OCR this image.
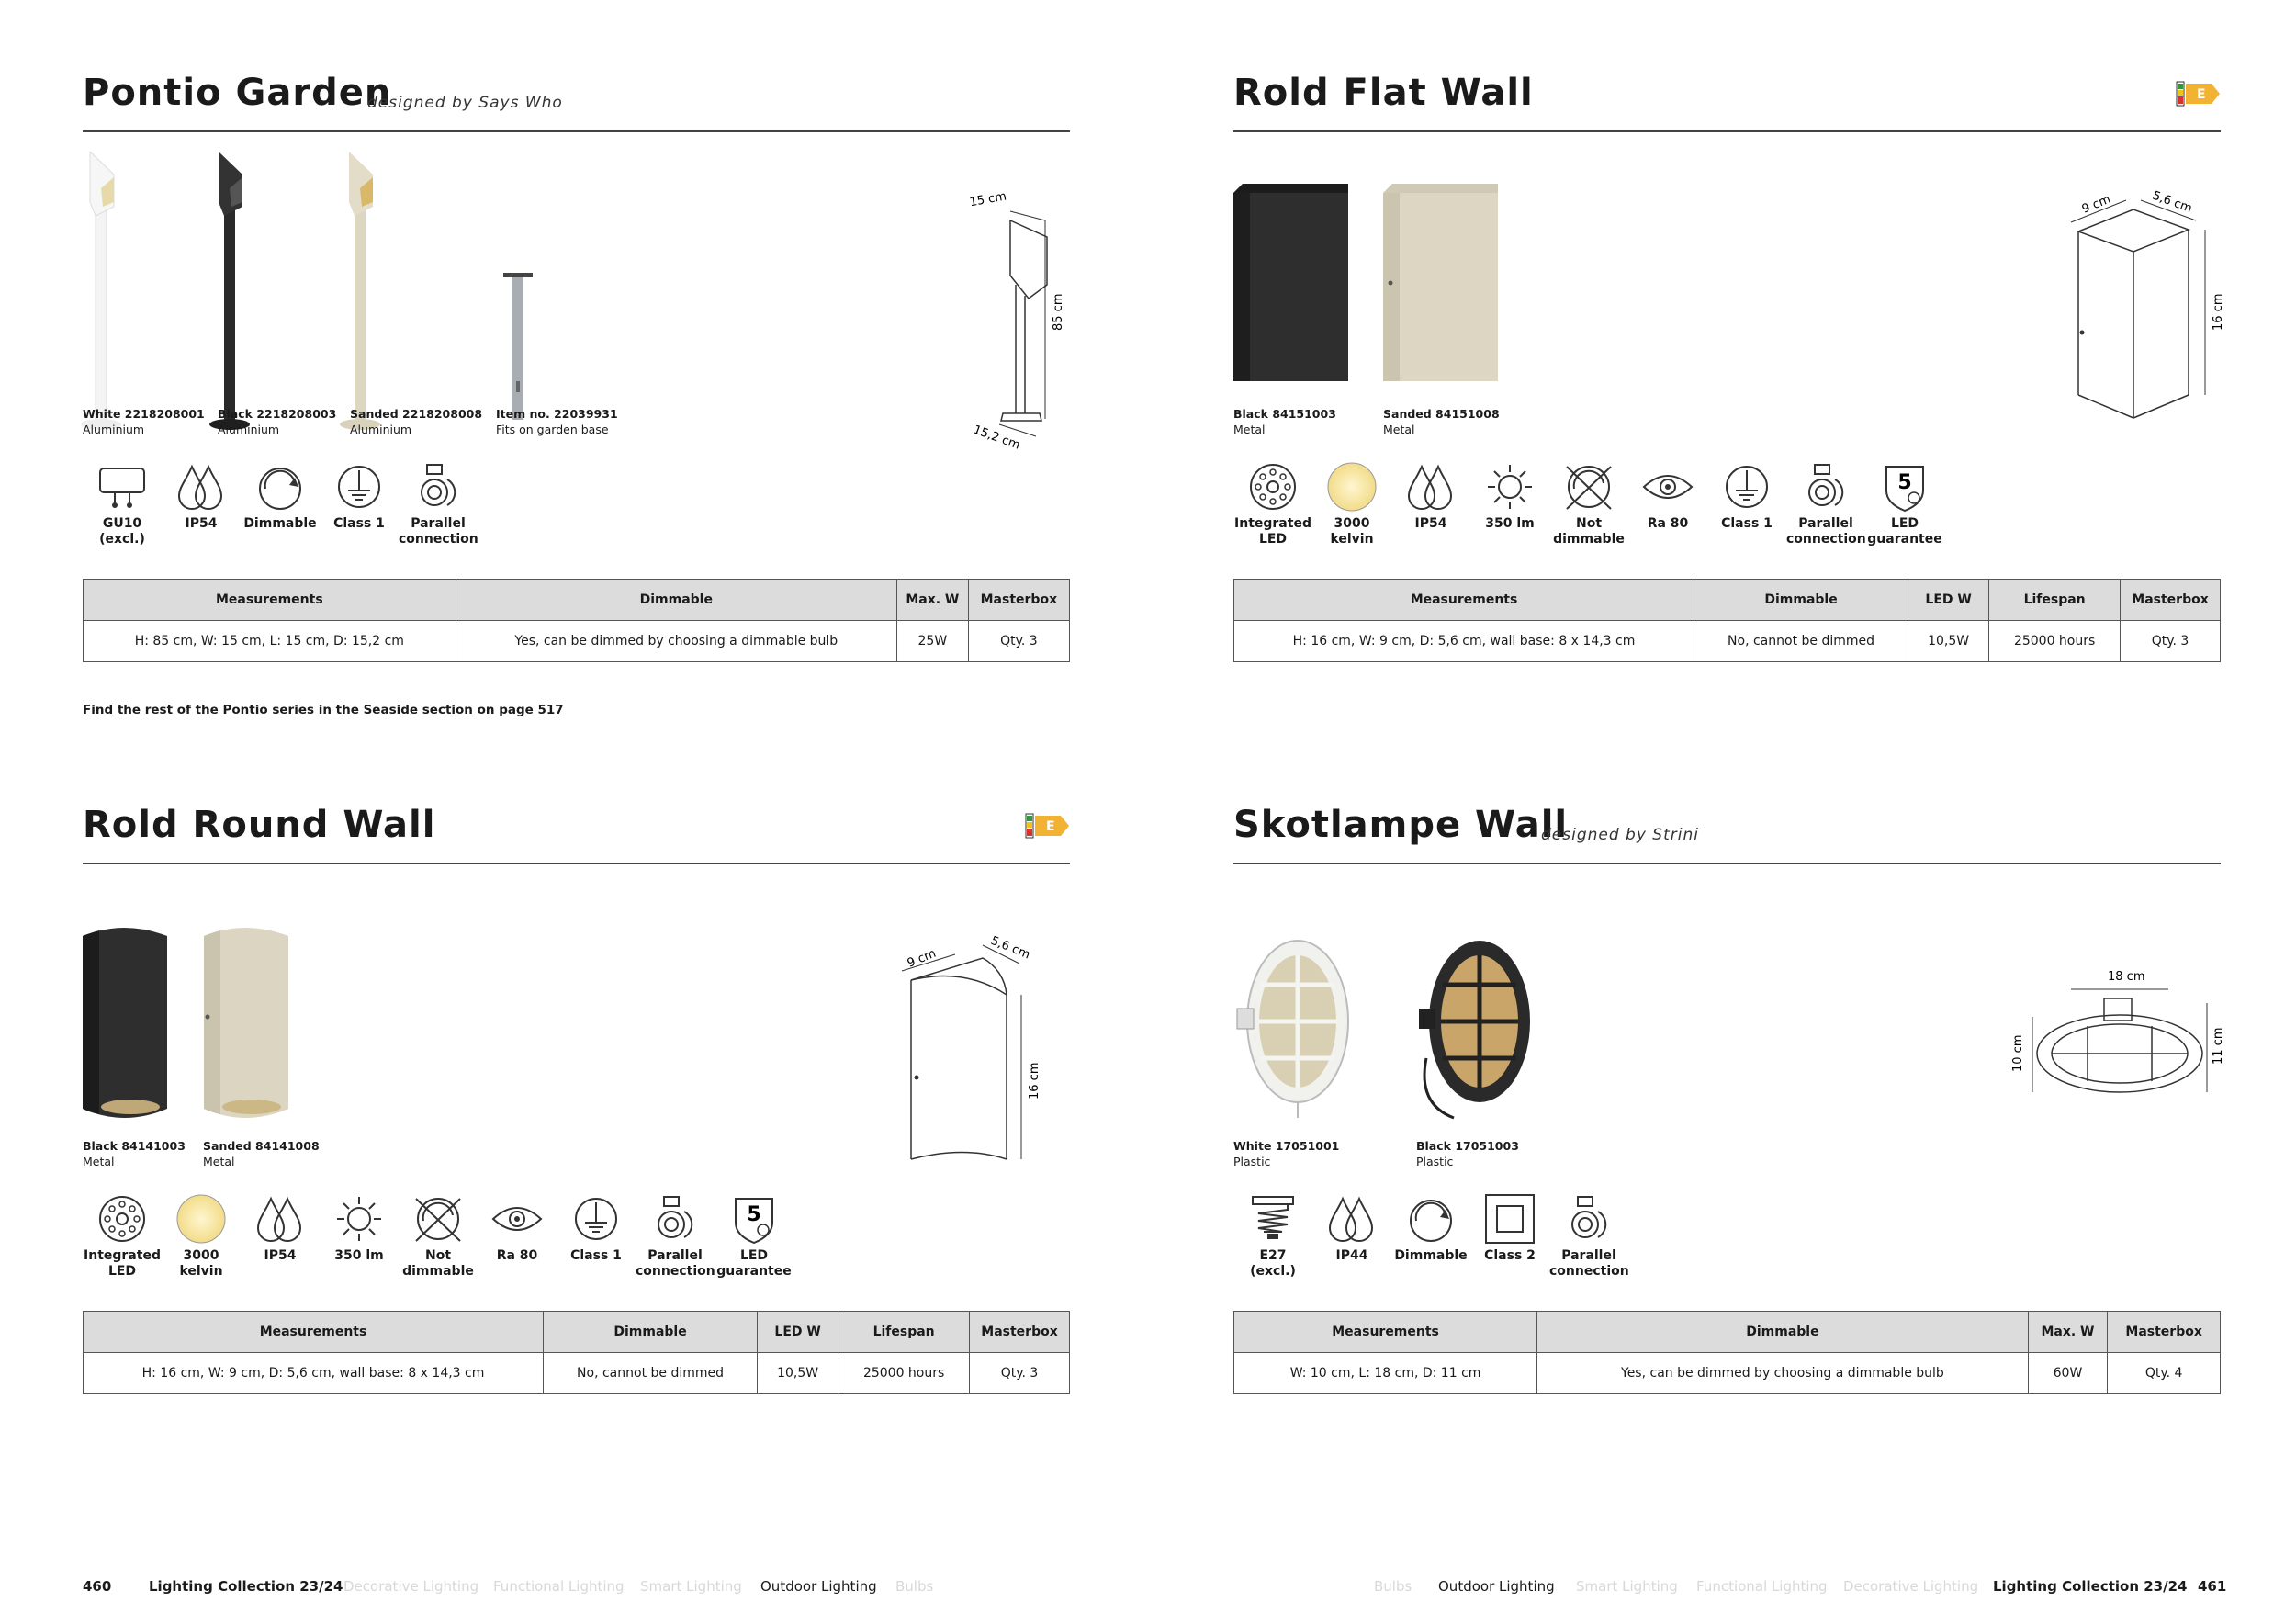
Pontio Garden
designed by Says Who
White 2218208001
Aluminium
Black 2218208003
Aluminium
Sanded 2218208008
Aluminium
Item no. 22039931
Fits on garden base
15 cm
85 cm
15,2 cm
GU10
(excl.)
IP54	Dimmable	Class 1	Parallel
connection
Measurements	Dimmable	Max. W	Masterbox
H: 85 cm, W: 15 cm, L: 15 cm, D: 15,2 cm	Yes, can be dimmed by choosing a dimmable bulb	25W	Qty. 3
Find the rest of the Pontio series in the Seaside section on page 517
Rold Flat Wall	E
Black 84151003
Metal
Sanded 84151008
Metal
9 cm	5,6 cm
16 cm
Integrated
LED
3000 kelvin
IP54	350 lm	Not
dimmable
Ra 80	Class 1	Parallel
connection
5
LED
guarantee
Measurements	Dimmable	LED W	Lifespan	Masterbox
H: 16 cm, W: 9 cm, D: 5,6 cm, wall base: 8 x 14,3 cm	No, cannot be dimmed	10,5W	25000 hours	Qty. 3
Rold Round Wall	E
Black 84141003
Metal
Sanded 84141008
Metal
9 cm	5,6 cm
16 cm
Integrated
LED
3000 kelvin
IP54	350 lm	Not
dimmable
Ra 80	Class 1	Parallel
connection
5
LED
guarantee
Measurements	Dimmable	LED W	Lifespan	Masterbox
H: 16 cm, W: 9 cm, D: 5,6 cm, wall base: 8 x 14,3 cm	No, cannot be dimmed	10,5W	25000 hours	Qty. 3
Skotlampe Wall
designed by Strini
White 17051001
Plastic
Black 17051003
Plastic
18 cm
10 cm	11 cm
E27
(excl.)
IP44	Dimmable	Class 2	Parallel
connection
Measurements	Dimmable	Max. W	Masterbox
W: 10 cm, L: 18 cm, D: 11 cm	Yes, can be dimmed by choosing a dimmable bulb	60W	Qty. 4
460	Lighting Collection 23/24 Decorative Lighting Functional Lighting Smart Lighting Outdoor Lighting Bulbs	Bulbs Outdoor Lighting Smart Lighting Functional Lighting Decorative Lighting Lighting Collection 23/24 461
